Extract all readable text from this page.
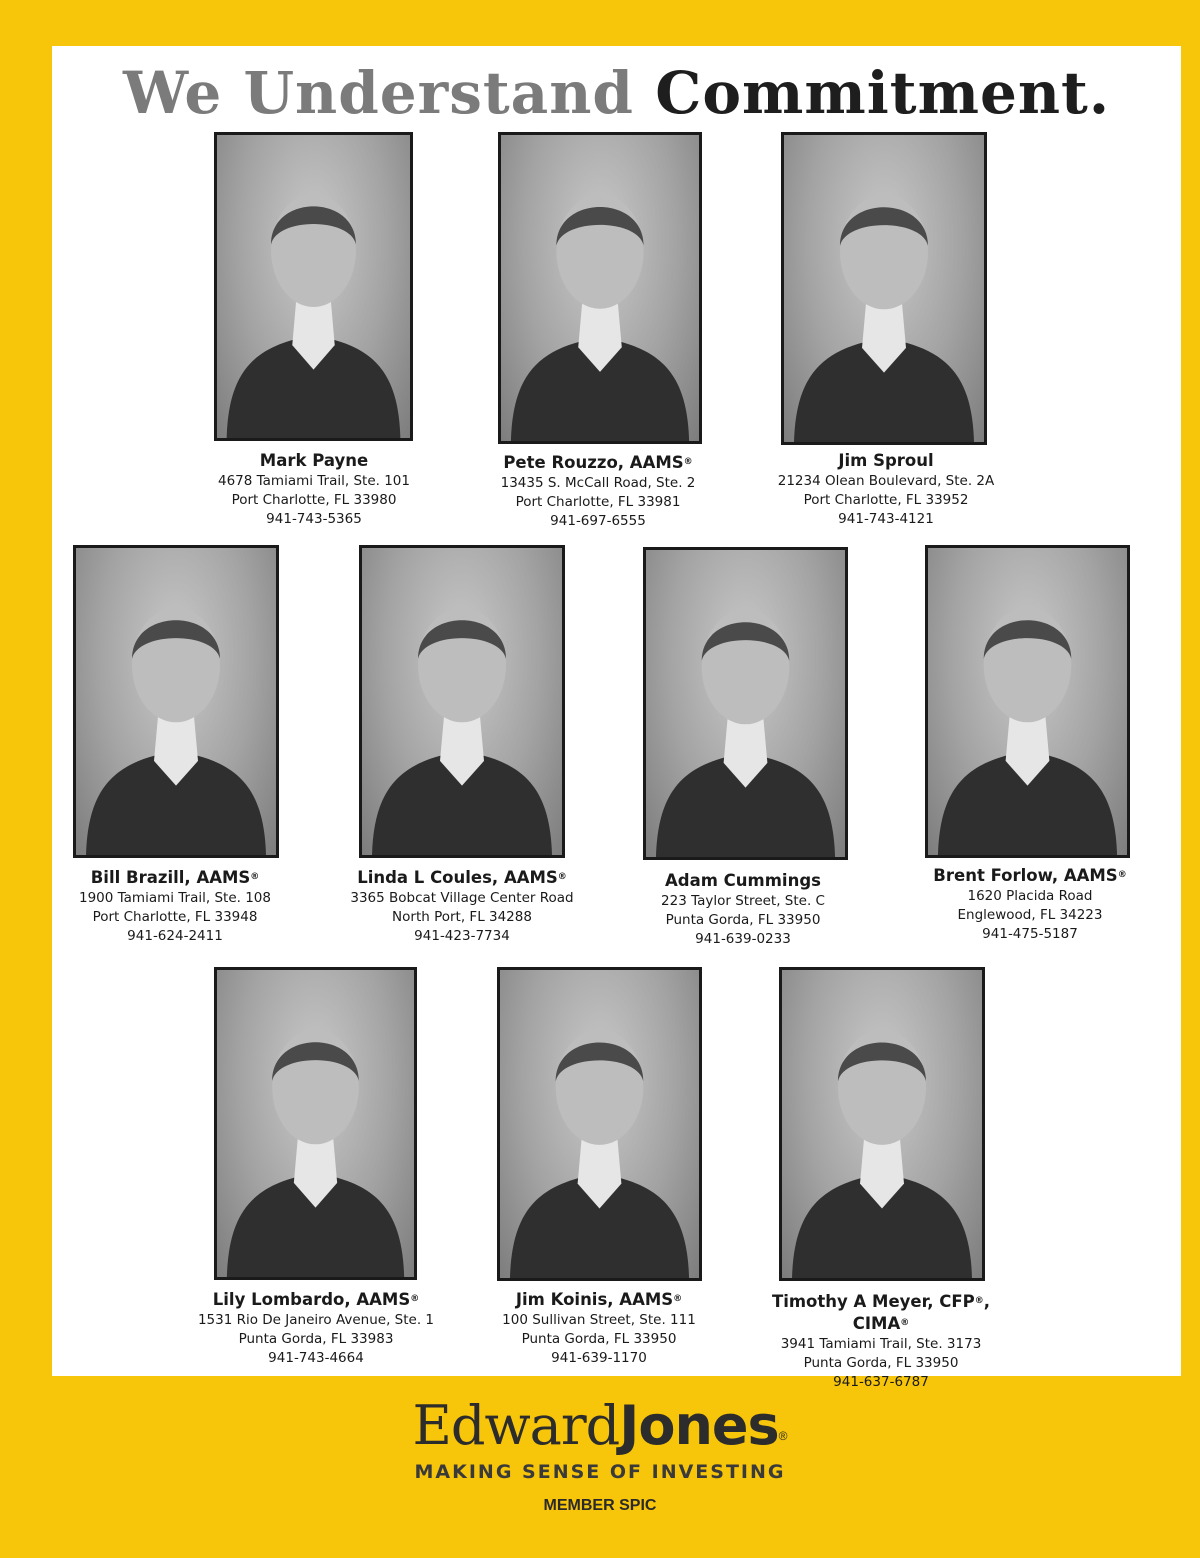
We Understand Commitment.
Mark Payne
4678 Tamiami Trail, Ste. 101
Port Charlotte, FL 33980
941-743-5365
Pete Rouzzo, AAMS®
13435 S. McCall Road, Ste. 2
Port Charlotte, FL 33981
941-697-6555
Jim Sproul
21234 Olean Boulevard, Ste. 2A
Port Charlotte, FL 33952
941-743-4121
Bill Brazill, AAMS®
1900 Tamiami Trail, Ste. 108
Port Charlotte, FL 33948
941-624-2411
Linda L Coules, AAMS®
3365 Bobcat Village Center Road
North Port, FL 34288
941-423-7734
Adam Cummings
223 Taylor Street, Ste. C
Punta Gorda, FL 33950
941-639-0233
Brent Forlow, AAMS®
1620 Placida Road
Englewood, FL 34223
941-475-5187
Lily Lombardo, AAMS®
1531 Rio De Janeiro Avenue, Ste. 1
Punta Gorda, FL 33983
941-743-4664
Jim Koinis, AAMS®
100 Sullivan Street, Ste. 111
Punta Gorda, FL 33950
941-639-1170
Timothy A Meyer, CFP®, CIMA®
3941 Tamiami Trail, Ste. 3173
Punta Gorda, FL 33950
941-637-6787
EdwardJones®
MAKING SENSE OF INVESTING
MEMBER SPIC
